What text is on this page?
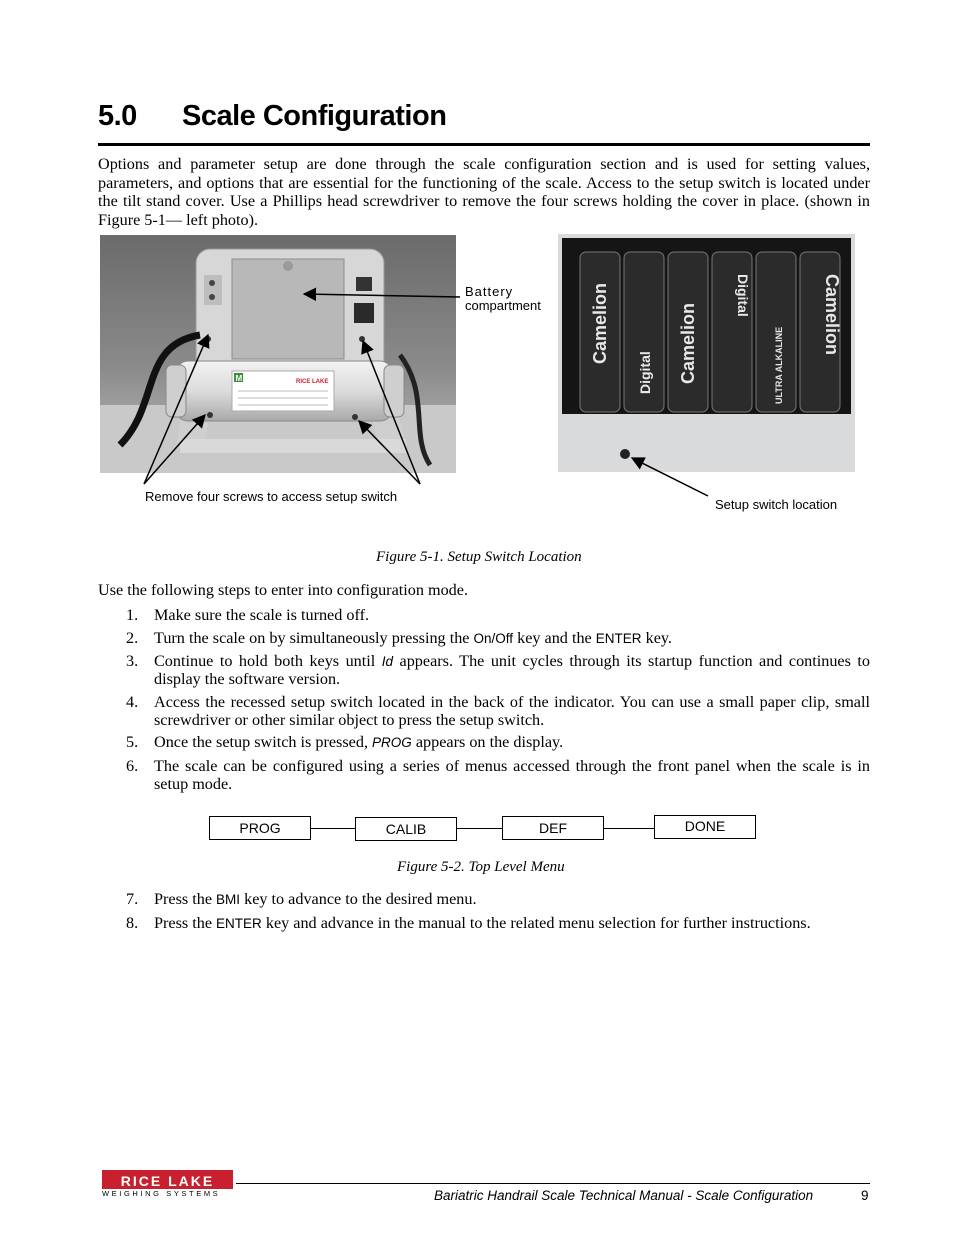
5.0 Scale Configuration
Options and parameter setup are done through the scale configuration section and is used for setting values, parameters, and options that are essential for the functioning of the scale. Access to the setup switch is located under the tilt stand cover. Use a Phillips head screwdriver to remove the four screws holding the cover in place. (shown in Figure 5-1— left photo).
M	RICE LAKE
Camelion
Digital Camelion
Digital
ULTRA ALKALINE
Camelion
Battery
compartment
Remove four screws to access setup switch
Setup switch location
Figure 5-1. Setup Switch Location
Use the following steps to enter into configuration mode.
1. Make sure the scale is turned off.
2. Turn the scale on by simultaneously pressing the On/Off key and the ENTER key.
3. Continue to hold both keys until Id appears. The unit cycles through its startup function and continues to display the software version.
4. Access the recessed setup switch located in the back of the indicator. You can use a small paper clip, small screwdriver or other similar object to press the setup switch.
5. Once the setup switch is pressed, PROG appears on the display.
6. The scale can be configured using a series of menus accessed through the front panel when the scale is in setup mode.
PROG	CALIB	DEF	DONE
Figure 5-2. Top Level Menu
7. Press the BMI key to advance to the desired menu.
8. Press the ENTER key and advance in the manual to the related menu selection for further instructions.
RICE LAKE
WEIGHING SYSTEMS	Bariatric Handrail Scale Technical Manual - Scale Configuration	9
